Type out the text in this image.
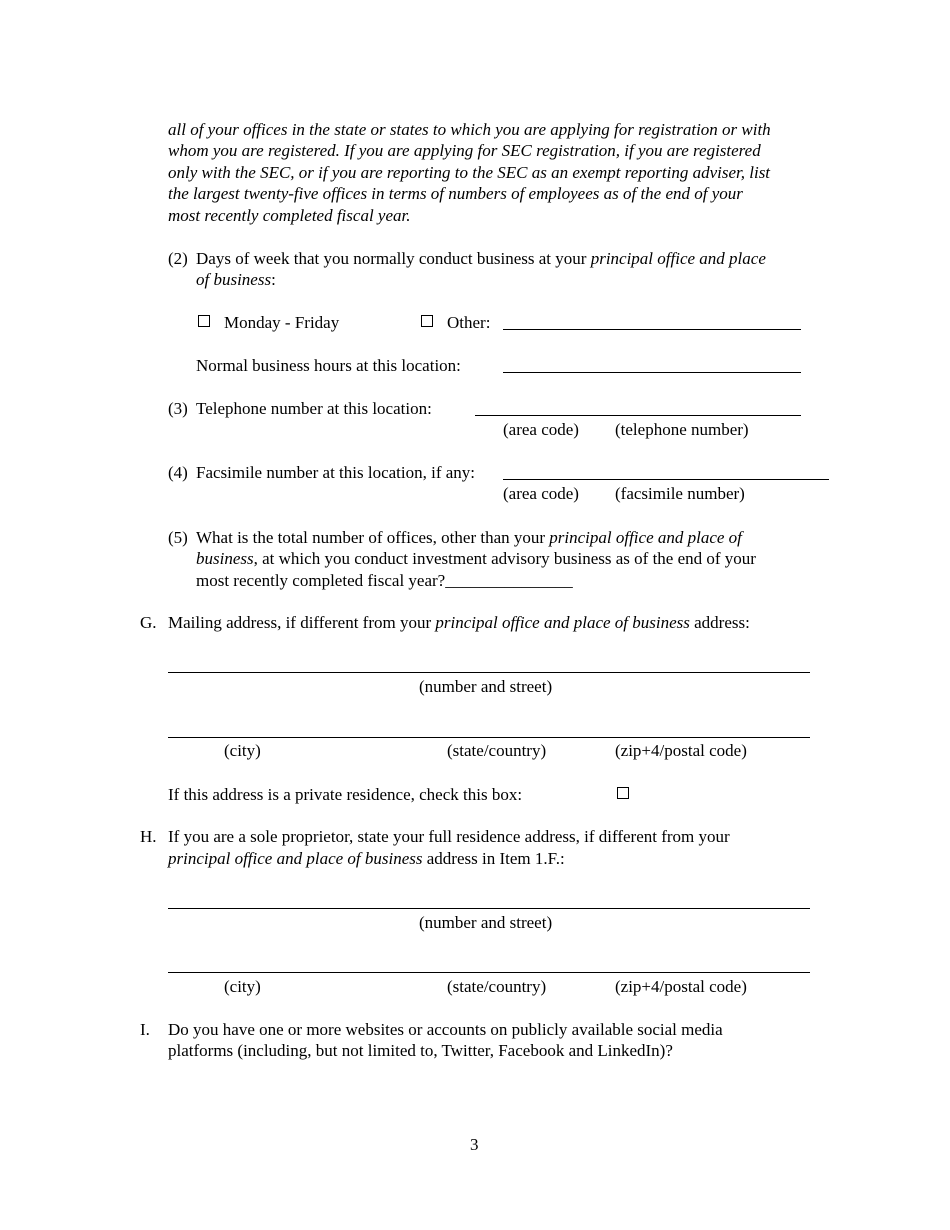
all of your offices in the state or states to which you are applying for registration or with
whom you are registered. If you are applying for SEC registration, if you are registered
only with the SEC, or if you are reporting to the SEC as an exempt reporting adviser, list
the largest twenty-five offices in terms of numbers of employees as of the end of your
most recently completed fiscal year.
(2) Days of week that you normally conduct business at your principal office and place
of business:
Monday - Friday	Other:
Normal business hours at this location:
(3) Telephone number at this location:
(area code) (telephone number)
(4) Facsimile number at this location, if any:
(area code) (facsimile number)
(5) What is the total number of offices, other than your principal office and place of
business, at which you conduct investment advisory business as of the end of your
most recently completed fiscal year?_______________
G. Mailing address, if different from your principal office and place of business address:
(number and street)
(city)	(state/country)	(zip+4/postal code)
If this address is a private residence, check this box:
H. If you are a sole proprietor, state your full residence address, if different from your
principal office and place of business address in Item 1.F.:
(number and street)
(city)	(state/country)	(zip+4/postal code)
I. Do you have one or more websites or accounts on publicly available social media
platforms (including, but not limited to, Twitter, Facebook and LinkedIn)?
3
